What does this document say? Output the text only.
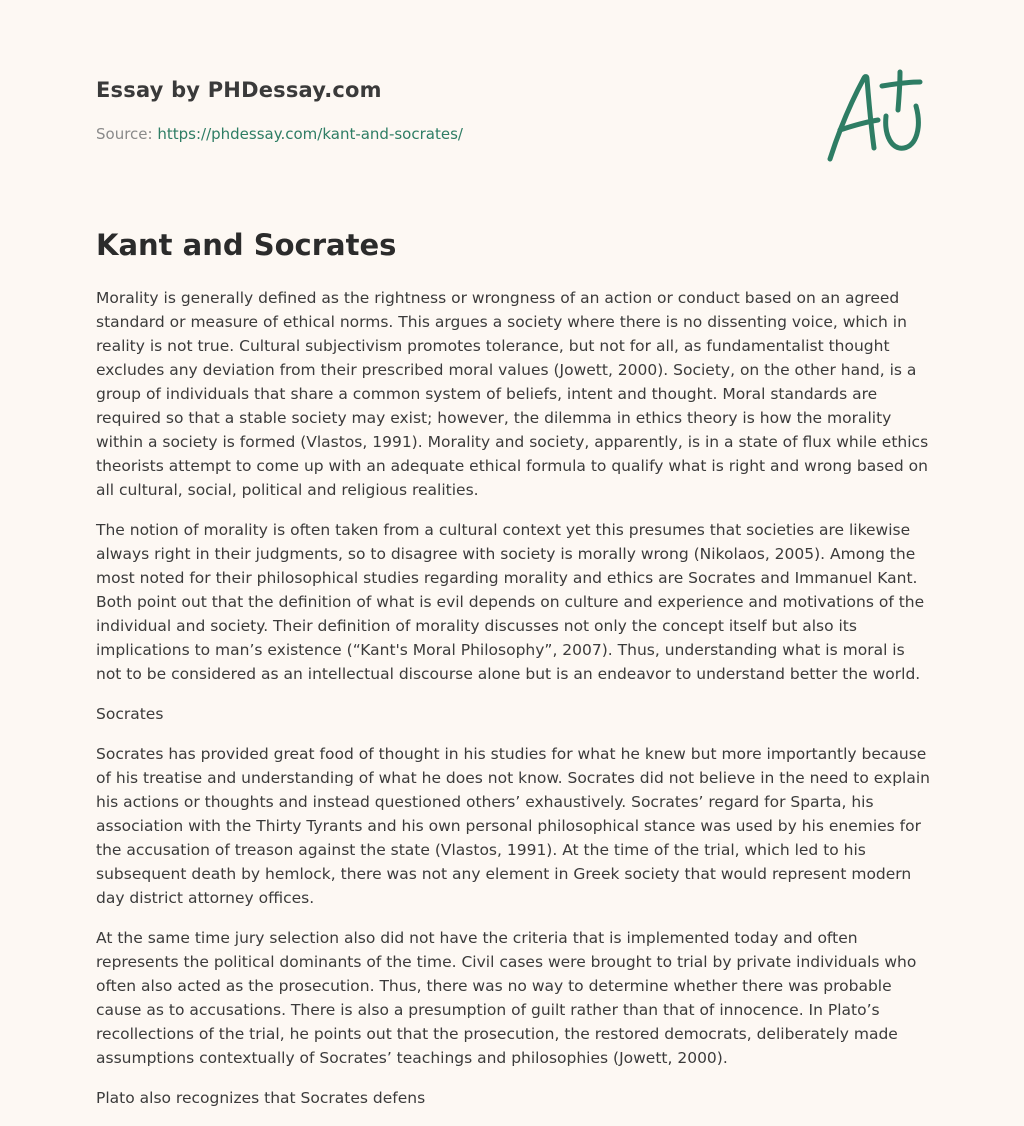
Essay by PHDessay.com
Source: https://phdessay.com/kant-and-socrates/
Kant and Socrates

Morality is generally defined as the rightness or wrongness of an action or conduct based on an agreed standard or measure of ethical norms. This argues a society where there is no dissenting voice, which in reality is not true. Cultural subjectivism promotes tolerance, but not for all, as fundamentalist thought excludes any deviation from their prescribed moral values (Jowett, 2000). Society, on the other hand, is a group of individuals that share a common system of beliefs, intent and thought. Moral standards are required so that a stable society may exist; however, the dilemma in ethics theory is how the morality within a society is formed (Vlastos, 1991). Morality and society, apparently, is in a state of flux while ethics theorists attempt to come up with an adequate ethical formula to qualify what is right and wrong based on all cultural, social, political and religious realities.

The notion of morality is often taken from a cultural context yet this presumes that societies are likewise always right in their judgments, so to disagree with society is morally wrong (Nikolaos, 2005). Among the most noted for their philosophical studies regarding morality and ethics are Socrates and Immanuel Kant. Both point out that the definition of what is evil depends on culture and experience and motivations of the individual and society. Their definition of morality discusses not only the concept itself but also its implications to man’s existence (“Kant's Moral Philosophy”, 2007). Thus, understanding what is moral is not to be considered as an intellectual discourse alone but is an endeavor to understand better the world.

Socrates

Socrates has provided great food of thought in his studies for what he knew but more importantly because of his treatise and understanding of what he does not know. Socrates did not believe in the need to explain his actions or thoughts and instead questioned others’ exhaustively. Socrates’ regard for Sparta, his association with the Thirty Tyrants and his own personal philosophical stance was used by his enemies for the accusation of treason against the state (Vlastos, 1991). At the time of the trial, which led to his subsequent death by hemlock, there was not any element in Greek society that would represent modern day district attorney offices.

At the same time jury selection also did not have the criteria that is implemented today and often represents the political dominants of the time. Civil cases were brought to trial by private individuals who often also acted as the prosecution. Thus, there was no way to determine whether there was probable cause as to accusations. There is also a presumption of guilt rather than that of innocence. In Plato’s recollections of the trial, he points out that the prosecution, the restored democrats, deliberately made assumptions contextually of Socrates’ teachings and philosophies (Jowett, 2000).

Plato also recognizes that Socrates defens
